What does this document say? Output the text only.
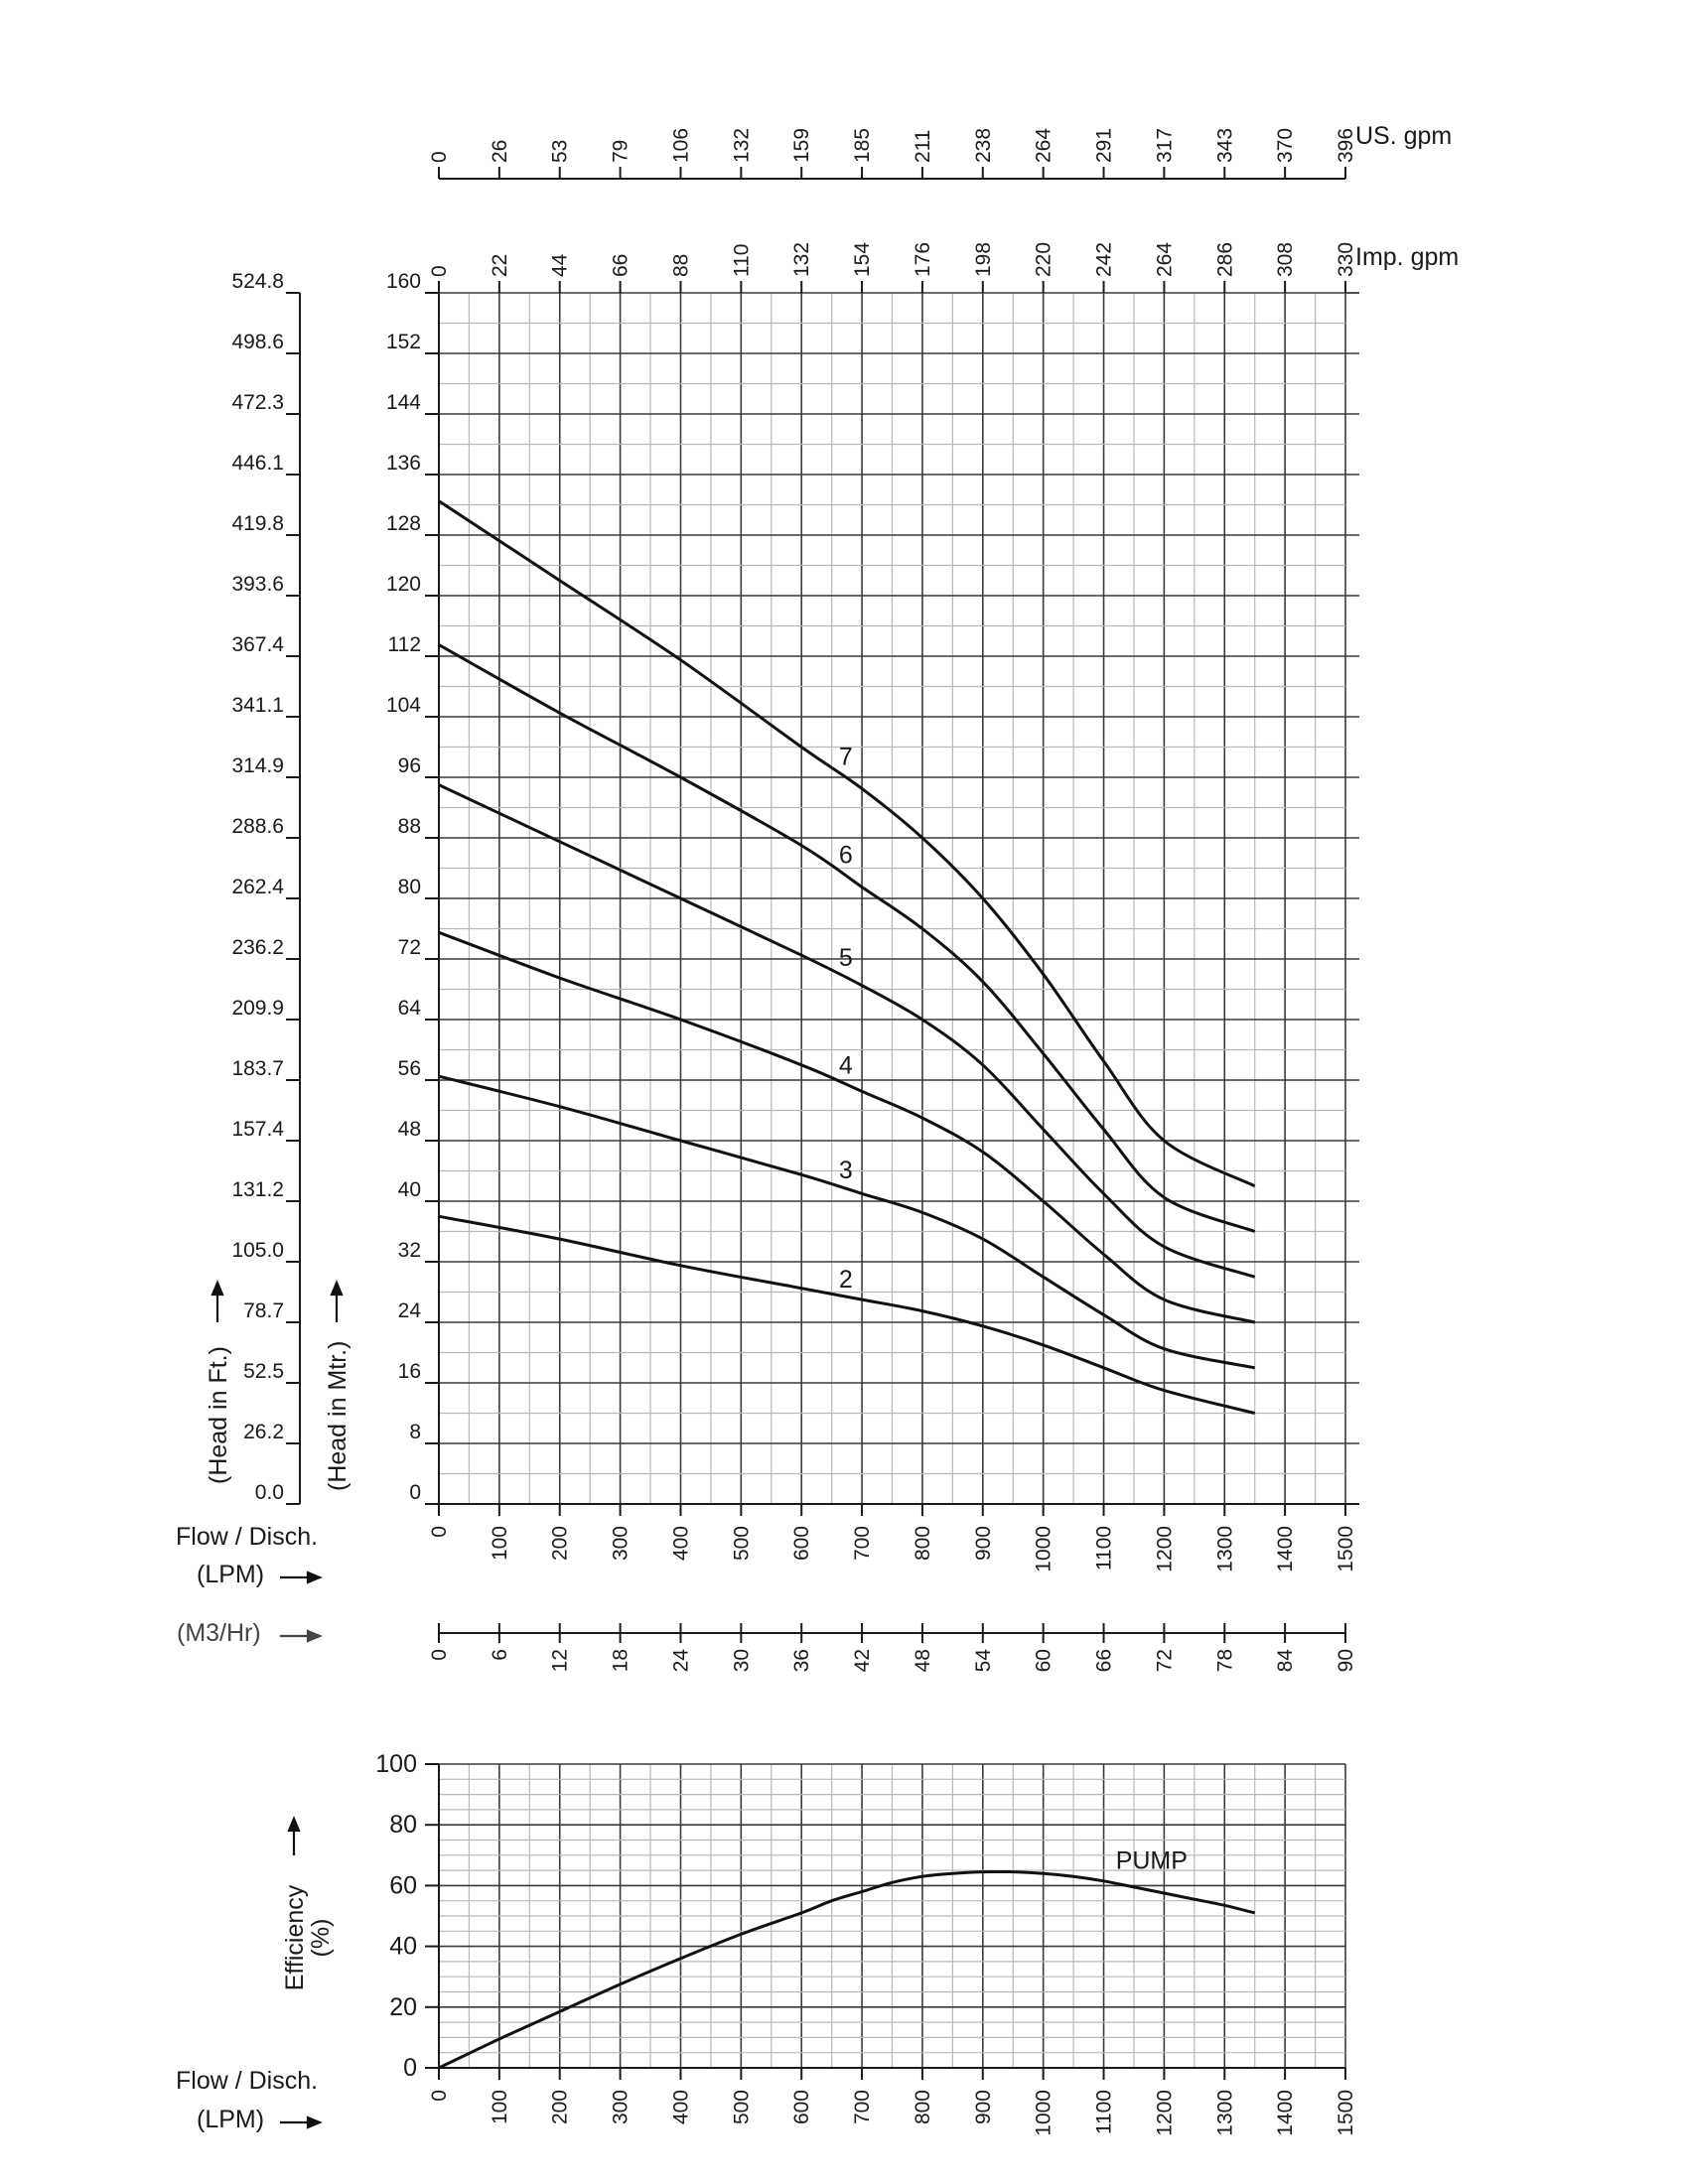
0
8
16
24
32
40
48
56
64
72
80
88
96
104
112
120
128
136
144
152
160
0.0
26.2
52.5
78.7
105.0
131.2
157.4
183.7
209.9
236.2
262.4
288.6
314.9
341.1
367.4
393.6
419.8
446.1
472.3
498.6
524.8
0 100 200 300 400 500 600 700 800 900 1000 1100 1200 1300 1400 1500
0 6 12 18 24 30 36 42 48 54 60 66 72 78 84 90
0 26 53 79 106 132 159 185 211 238 264 291 317 343 370 396
0 22 44 66 88 110 132 154 176 198 220 242 264 286 308 330
7
6
5
4
3
2
0
20
40
60
80
100
0 100 200 300 400 500 600 700 800 900 1000 1100 1200 1300 1400 1500
PUMP
US. gpm
Imp. gpm
(Head in Ft.)	(Head in Mtr.)
Flow / Disch.
(LPM)
(M3/Hr)
Efficiency
(%)
Flow / Disch.
(LPM)
